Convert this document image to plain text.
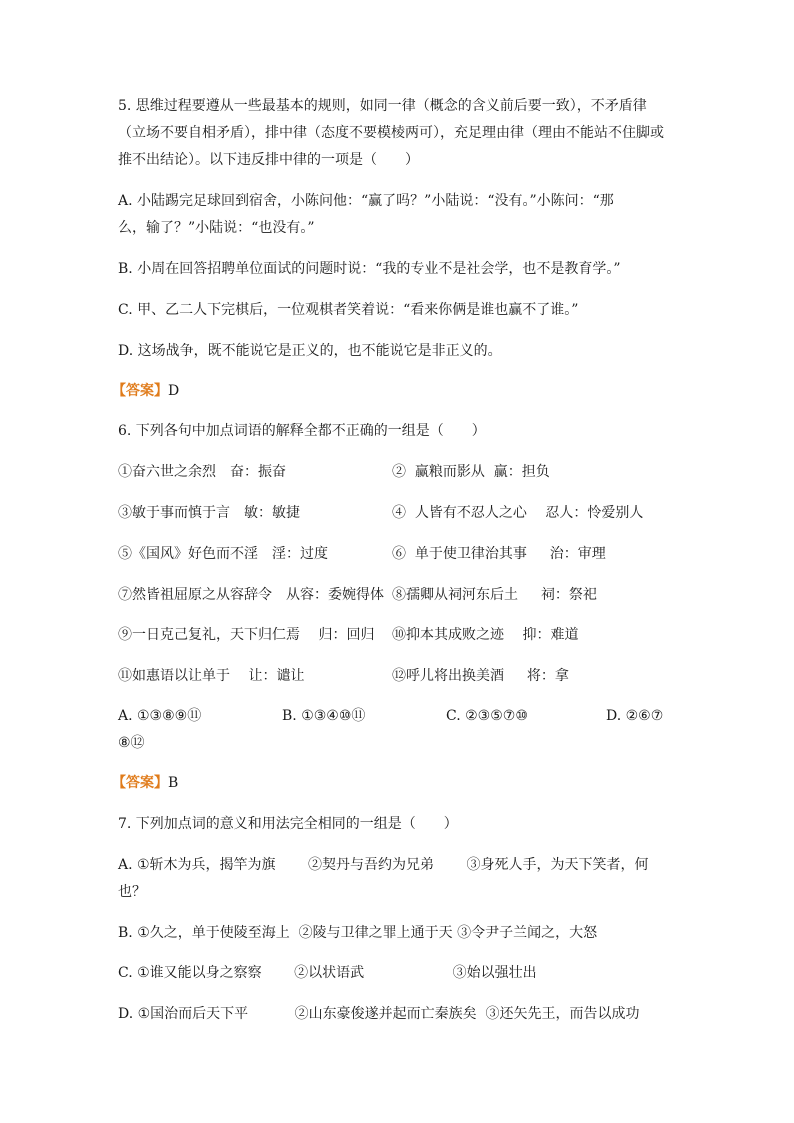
5. 思维过程要遵从一些最基本的规则，如同一律（概念的含义前后要一致），不矛盾律
（立场不要自相矛盾），排中律（态度不要模棱两可），充足理由律（理由不能站不住脚或
推不出结论）。以下违反排中律的一项是（　　）
A. 小陆踢完足球回到宿舍，小陈问他：“赢了吗？”小陆说：“没有。”小陈问：“那
么，输了？”小陆说：“也没有。”
B. 小周在回答招聘单位面试的问题时说：“我的专业不是社会学，也不是教育学。”
C. 甲、乙二人下完棋后，一位观棋者笑着说：“看来你俩是谁也赢不了谁。”
D. 这场战争，既不能说它是正义的，也不能说它是非正义的。
【答案】D
6. 下列各句中加点词语的解释全都不正确的一组是（　　）
①奋六世之余烈　奋：振奋	②  赢粮而影从  赢：担负
③敏于事而慎于言　敏：敏捷	④  人皆有不忍人之心　 忍人：怜爱别人
⑤《国风》好色而不淫　淫：过度	⑥  单于使卫律治其事　  治：审理
⑦然皆祖屈原之从容辞令　从容：委婉得体 ⑧孺卿从祠河东后土　  祠：祭祀
⑨一日克己复礼，天下归仁焉　 归：回归 ⑩抑本其成败之迹　 抑：难道
⑪如惠语以让单于　 让：谴让	⑫呼儿将出换美酒　  将：拿
A. ①③⑧⑨⑪	B. ①③④⑩⑪	C. ②③⑤⑦⑩	D. ②⑥⑦
⑧⑫
【答案】B
7. 下列加点词的意义和用法完全相同的一组是（　　）
A. ①斩木为兵，揭竿为旗　　 ②契丹与吾约为兄弟　　 ③身死人手，为天下笑者，何
也？
B. ①久之，单于使陵至海上  ②陵与卫律之罪上通于天 ③令尹子兰闻之，大怒
C. ①谁又能以身之察察　　 ②以状语武　　　　　　 ③始以强壮出
D. ①国治而后天下平　　　 ②山东豪俊遂并起而亡秦族矣  ③还矢先王，而告以成功
